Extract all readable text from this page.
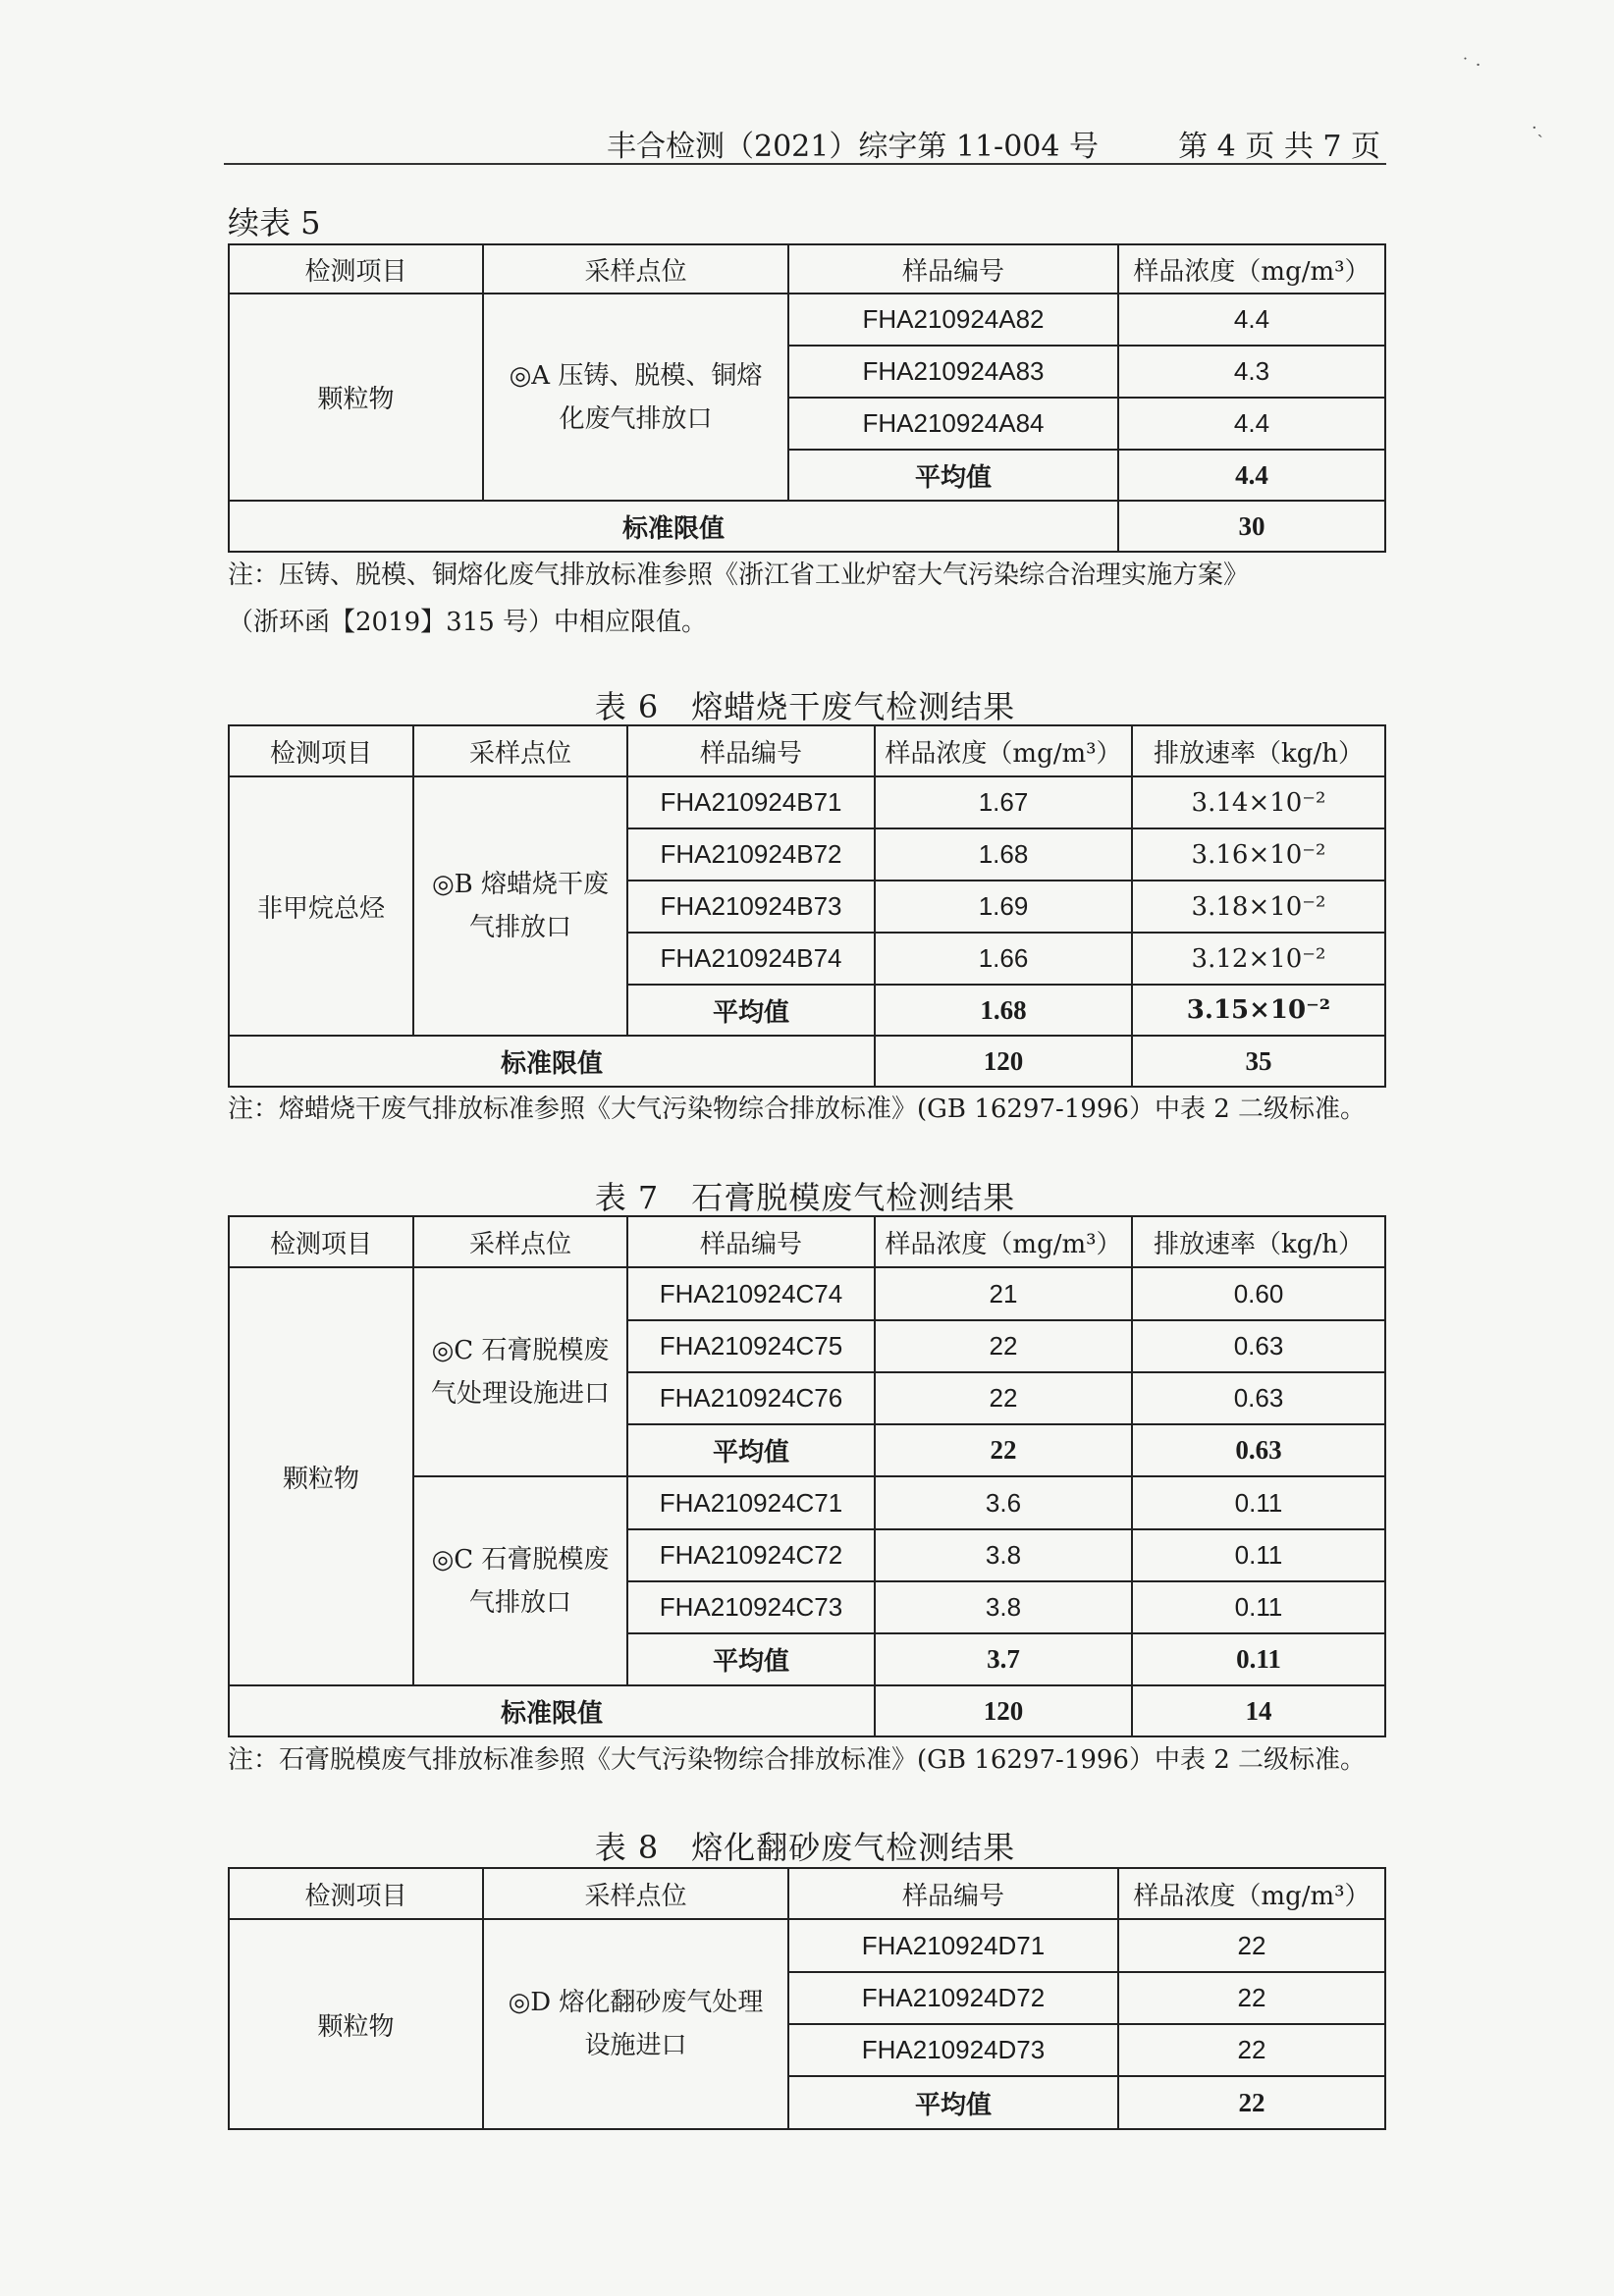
丰合检测（2021）综字第 11-004 号	第 4 页 共 7 页
续表 5
检测项目	采样点位	样品编号	样品浓度（mg/m³）
颗粒物	◎A 压铸、脱模、铜熔化废气排放口	FHA210924A82	4.4
		FHA210924A83	4.3
		FHA210924A84	4.4
		平均值	4.4
标准限值			30
注：压铸、脱模、铜熔化废气排放标准参照《浙江省工业炉窑大气污染综合治理实施方案》
（浙环函【2019】315 号）中相应限值。
表 6　熔蜡烧干废气检测结果
检测项目	采样点位	样品编号	样品浓度（mg/m³）	排放速率（kg/h）
非甲烷总烃	◎B 熔蜡烧干废气排放口	FHA210924B71	1.67	3.14×10⁻²
		FHA210924B72	1.68	3.16×10⁻²
		FHA210924B73	1.69	3.18×10⁻²
		FHA210924B74	1.66	3.12×10⁻²
		平均值	1.68	3.15×10⁻²
标准限值			120	35
注：熔蜡烧干废气排放标准参照《大气污染物综合排放标准》(GB 16297-1996）中表 2 二级标准。
表 7　石膏脱模废气检测结果
检测项目	采样点位	样品编号	样品浓度（mg/m³）	排放速率（kg/h）
颗粒物	◎C 石膏脱模废气处理设施进口	FHA210924C74	21	0.60
		FHA210924C75	22	0.63
		FHA210924C76	22	0.63
		平均值	22	0.63
	◎C 石膏脱模废气排放口	FHA210924C71	3.6	0.11
		FHA210924C72	3.8	0.11
		FHA210924C73	3.8	0.11
		平均值	3.7	0.11
标准限值			120	14
注：石膏脱模废气排放标准参照《大气污染物综合排放标准》(GB 16297-1996）中表 2 二级标准。
表 8　熔化翻砂废气检测结果
检测项目	采样点位	样品编号	样品浓度（mg/m³）
颗粒物	◎D 熔化翻砂废气处理设施进口	FHA210924D71	22
		FHA210924D72	22
		FHA210924D73	22
		平均值	22
˙ ·
·ˏ
